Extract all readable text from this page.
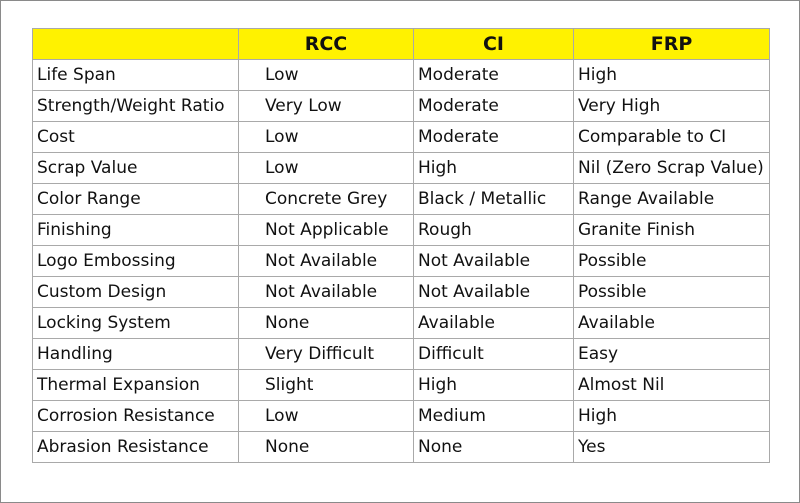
	RCC	CI	FRP
Life Span	Low	Moderate	High
Strength/Weight Ratio	Very Low	Moderate	Very High
Cost	Low	Moderate	Comparable to CI
Scrap Value	Low	High	Nil (Zero Scrap Value)
Color Range	Concrete Grey	Black / Metallic	Range Available
Finishing	Not Applicable	Rough	Granite Finish
Logo Embossing	Not Available	Not Available	Possible
Custom Design	Not Available	Not Available	Possible
Locking System	None	Available	Available
Handling	Very Difficult	Difficult	Easy
Thermal Expansion	Slight	High	Almost Nil
Corrosion Resistance	Low	Medium	High
Abrasion Resistance	None	None	Yes
